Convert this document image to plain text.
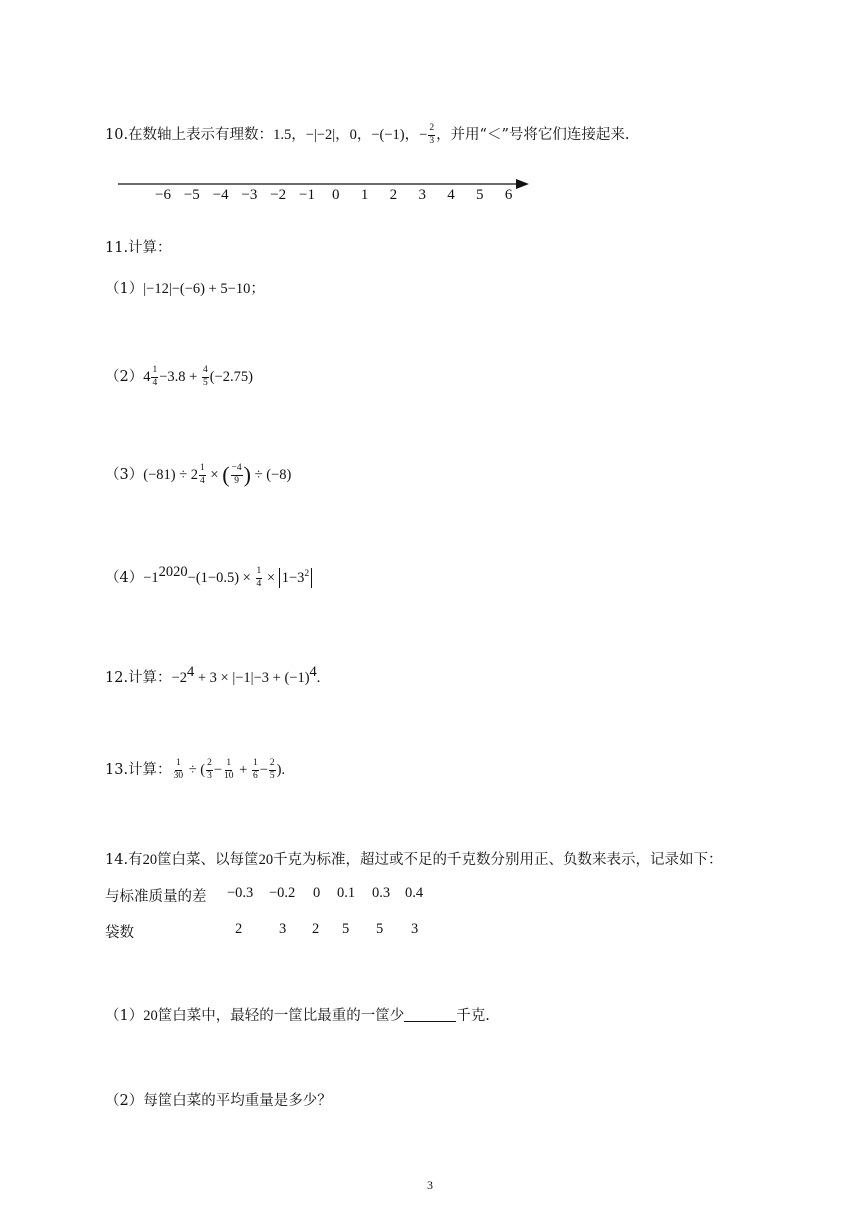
10.在数轴上表示有理数：1.5，−|−2|，0，−(−1)，− $\frac{2}{3}$ ，并用“＜”号将它们连接起来.
−6 −5 −4 −3 −2 −1 0 1 2 3 4 5 6
11.计算：
（1）|−12|−(−6) + 5−10；
$(2)4 \frac{1}{4} -3.8 + \frac{4}{5} (-2.75)$
$(3)(-81) \div 2 \frac{1}{4}$ × ( $\frac{-4}{9}$ ) ÷ (−8)
$(4)-1^{2020}-(1-0.5) \times \frac{1}{4} \times 1-3^2$
12.计算：$-2^4 + 3 \times |-1|-3 + (-1)^4$.
13.计算： $\frac{1}{30}$ ÷ ( $\frac{2}{3} - \frac{1}{10} + \frac{1}{6} - \frac{2}{5}$ ).
14.有20筐白菜、以每筐20千克为标准，超过或不足的千克数分别用正、负数来表示，记录如下：
与标准质量的差 −0.3 −0.2 0 0.1 0.3 0.4
袋数	2	3 2 5 5 3
（1）20筐白菜中，最轻的一筐比最重的一筐少	千克.
（2）每筐白菜的平均重量是多少？
3
